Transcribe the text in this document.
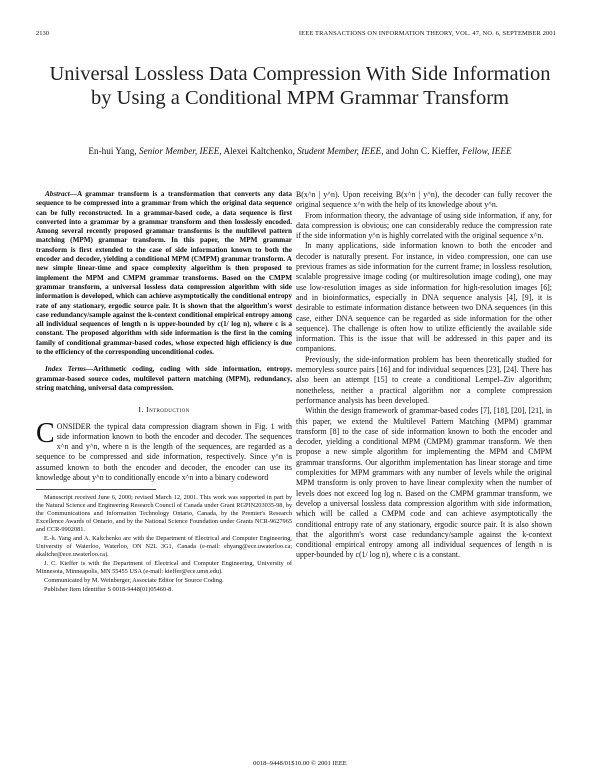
2130	IEEE TRANSACTIONS ON INFORMATION THEORY, VOL. 47, NO. 6, SEPTEMBER 2001
Universal Lossless Data Compression With Side Information by Using a Conditional MPM Grammar Transform
En-hui Yang, Senior Member, IEEE, Alexei Kaltchenko, Student Member, IEEE, and John C. Kieffer, Fellow, IEEE

Abstract—A grammar transform is a transformation that converts any data sequence to be compressed into a grammar from which the original data sequence can be fully reconstructed. In a grammar-based code, a data sequence is first converted into a grammar by a grammar transform and then losslessly encoded. Among several recently proposed grammar transforms is the multilevel pattern matching (MPM) grammar transform. In this paper, the MPM grammar transform is first extended to the case of side information known to both the encoder and decoder, yielding a conditional MPM (CMPM) grammar transform. A new simple linear-time and space complexity algorithm is then proposed to implement the MPM and CMPM grammar transforms. Based on the CMPM grammar transform, a universal lossless data compression algorithm with side information is developed, which can achieve asymptotically the conditional entropy rate of any stationary, ergodic source pair. It is shown that the algorithm's worst case redundancy/sample against the k-context conditional empirical entropy among all individual sequences of length n is upper-bounded by c(1/ log n), where c is a constant. The proposed algorithm with side information is the first in the coming family of conditional grammar-based codes, whose expected high efficiency is due to the efficiency of the corresponding unconditional codes.

Index Terms—Arithmetic coding, coding with side information, entropy, grammar-based source codes, multilevel pattern matching (MPM), redundancy, string matching, universal data compression.

I. Introduction

CONSIDER the typical data compression diagram shown in Fig. 1 with side information known to both the encoder and decoder. The sequences x^n and y^n, where n is the length of the sequences, are regarded as a sequence to be compressed and side information, respectively. Since y^n is assumed known to both the encoder and decoder, the encoder can use its knowledge about y^n to conditionally encode x^n into a binary codeword

Manuscript received June 6, 2000; revised March 12, 2001. This work was supported in part by the Natural Science and Engineering Research Council of Canada under Grant RGPIN203035-98, by the Communications and Information Technology Ontario, Canada, by the Premier's Research Excellence Awards of Ontario, and by the National Science Foundation under Grants NCR-9627965 and CCR-9902081.

E.-h. Yang and A. Kaltchenko are with the Department of Electrical and Computer Engineering, University of Waterloo, Waterloo, ON N2L 3G1, Canada (e-mail: ehyang@ece.uwaterloo.ca; akaltche@ece.uwaterloo.ca).

J. C. Kieffer is with the Department of Electrical and Computer Engineering, University of Minnesota, Minneapolis, MN 55455 USA (e-mail: kieffer@ece.umn.edu).

Communicated by M. Weinberger, Associate Editor for Source Coding.

Publisher Item Identifier S 0018-9448(01)05460-8.

B(x^n | y^n). Upon receiving B(x^n | y^n), the decoder can fully recover the original sequence x^n with the help of its knowledge about y^n.

From information theory, the advantage of using side information, if any, for data compression is obvious; one can considerably reduce the compression rate if the side information y^n is highly correlated with the original sequence x^n.

In many applications, side information known to both the encoder and decoder is naturally present. For instance, in video compression, one can use previous frames as side information for the current frame; in lossless resolution, scalable progressive image coding (or multiresolution image coding), one may use low-resolution images as side information for high-resolution images [6]; and in bioinformatics, especially in DNA sequence analysis [4], [9], it is desirable to estimate information distance between two DNA sequences (in this case, either DNA sequence can be regarded as side information for the other sequence). The challenge is often how to utilize efficiently the available side information. This is the issue that will be addressed in this paper and its companions.

Previously, the side-information problem has been theoretically studied for memoryless source pairs [16] and for individual sequences [23], [24]. There has also been an attempt [15] to create a conditional Lempel–Ziv algorithm; nonetheless, neither a practical algorithm nor a complete compression performance analysis has been developed.

Within the design framework of grammar-based codes [7], [18], [20], [21], in this paper, we extend the Multilevel Pattern Matching (MPM) grammar transform [8] to the case of side information known to both the encoder and decoder, yielding a conditional MPM (CMPM) grammar transform. We then propose a new simple algorithm for implementing the MPM and CMPM grammar transforms. Our algorithm implementation has linear storage and time complexities for MPM grammars with any number of levels while the original MPM transform is only proven to have linear complexity when the number of levels does not exceed log log n. Based on the CMPM grammar transform, we develop a universal lossless data compression algorithm with side information, which will be called a CMPM code and can achieve asymptotically the conditional entropy rate of any stationary, ergodic source pair. It is also shown that the algorithm's worst case redundancy/sample against the k-context conditional empirical entropy among all individual sequences of length n is upper-bounded by c(1/ log n), where c is a constant.

0018–9448/01$10.00 © 2001 IEEE
